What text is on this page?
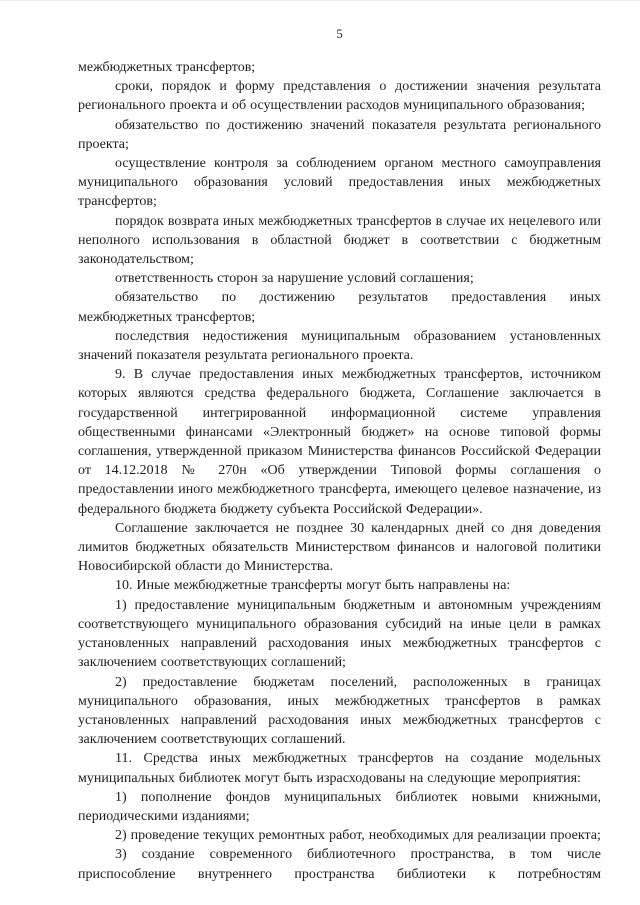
5

межбюджетных трансфертов;

сроки, порядок и форму представления о достижении значения результата регионального проекта и об осуществлении расходов муниципального образования;

обязательство по достижению значений показателя результата регионального проекта;

осуществление контроля за соблюдением органом местного самоуправления муниципального образования условий предоставления иных межбюджетных трансфертов;

порядок возврата иных межбюджетных трансфертов в случае их нецелевого или неполного использования в областной бюджет в соответствии с бюджетным законодательством;

ответственность сторон за нарушение условий соглашения;

обязательство по достижению результатов предоставления иных межбюджетных трансфертов;

последствия недостижения муниципальным образованием установленных значений показателя результата регионального проекта.

9. В случае предоставления иных межбюджетных трансфертов, источником которых являются средства федерального бюджета, Соглашение заключается в государственной интегрированной информационной системе управления общественными финансами «Электронный бюджет» на основе типовой формы соглашения, утвержденной приказом Министерства финансов Российской Федерации от 14.12.2018 № 270н «Об утверждении Типовой формы соглашения о предоставлении иного межбюджетного трансферта, имеющего целевое назначение, из федерального бюджета бюджету субъекта Российской Федерации».

Соглашение заключается не позднее 30 календарных дней со дня доведения лимитов бюджетных обязательств Министерством финансов и налоговой политики Новосибирской области до Министерства.

10. Иные межбюджетные трансферты могут быть направлены на:

1) предоставление муниципальным бюджетным и автономным учреждениям соответствующего муниципального образования субсидий на иные цели в рамках установленных направлений расходования иных межбюджетных трансфертов с заключением соответствующих соглашений;

2) предоставление бюджетам поселений, расположенных в границах муниципального образования, иных межбюджетных трансфертов в рамках установленных направлений расходования иных межбюджетных трансфертов с заключением соответствующих соглашений.

11. Средства иных межбюджетных трансфертов на создание модельных муниципальных библиотек могут быть израсходованы на следующие мероприятия:

1) пополнение фондов муниципальных библиотек новыми книжными, периодическими изданиями;

2) проведение текущих ремонтных работ, необходимых для реализации проекта;

3) создание современного библиотечного пространства, в том числе приспособление внутреннего пространства библиотеки к потребностям
